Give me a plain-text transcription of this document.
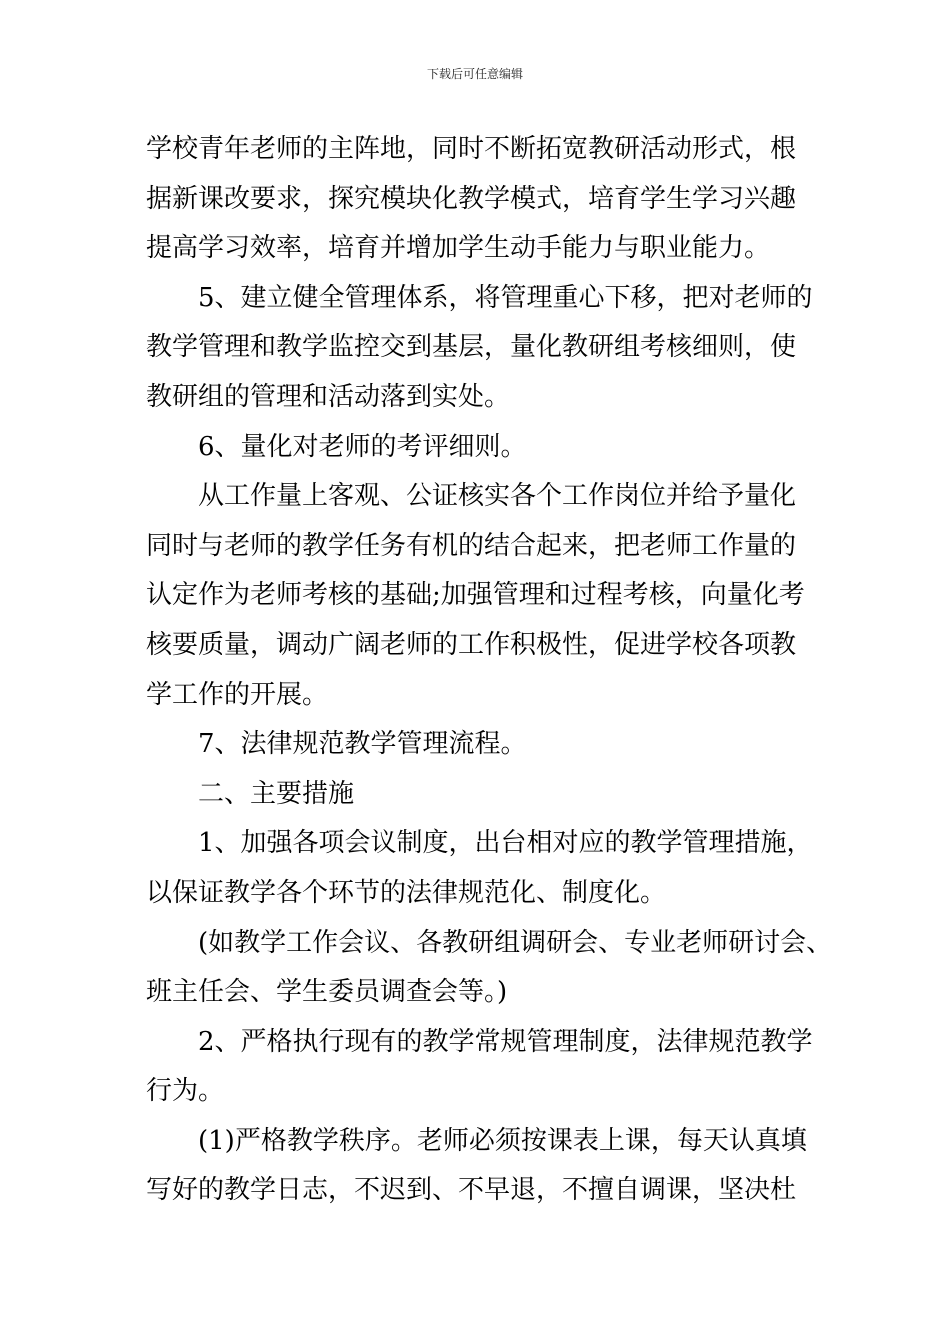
下载后可任意编辑
学校青年老师的主阵地，同时不断拓宽教研活动形式，根
据新课改要求，探究模块化教学模式，培育学生学习兴趣
提高学习效率，培育并增加学生动手能力与职业能力。
5、建立健全管理体系，将管理重心下移，把对老师的
教学管理和教学监控交到基层，量化教研组考核细则，使
教研组的管理和活动落到实处。
6、量化对老师的考评细则。
从工作量上客观、公证核实各个工作岗位并给予量化
同时与老师的教学任务有机的结合起来，把老师工作量的
认定作为老师考核的基础;加强管理和过程考核，向量化考
核要质量，调动广阔老师的工作积极性，促进学校各项教
学工作的开展。
7、法律规范教学管理流程。
二、主要措施
1、加强各项会议制度，出台相对应的教学管理措施，
以保证教学各个环节的法律规范化、制度化。
(如教学工作会议、各教研组调研会、专业老师研讨会、
班主任会、学生委员调查会等。)
2、严格执行现有的教学常规管理制度，法律规范教学
行为。
(1)严格教学秩序。老师必须按课表上课，每天认真填
写好的教学日志，不迟到、不早退，不擅自调课，坚决杜
